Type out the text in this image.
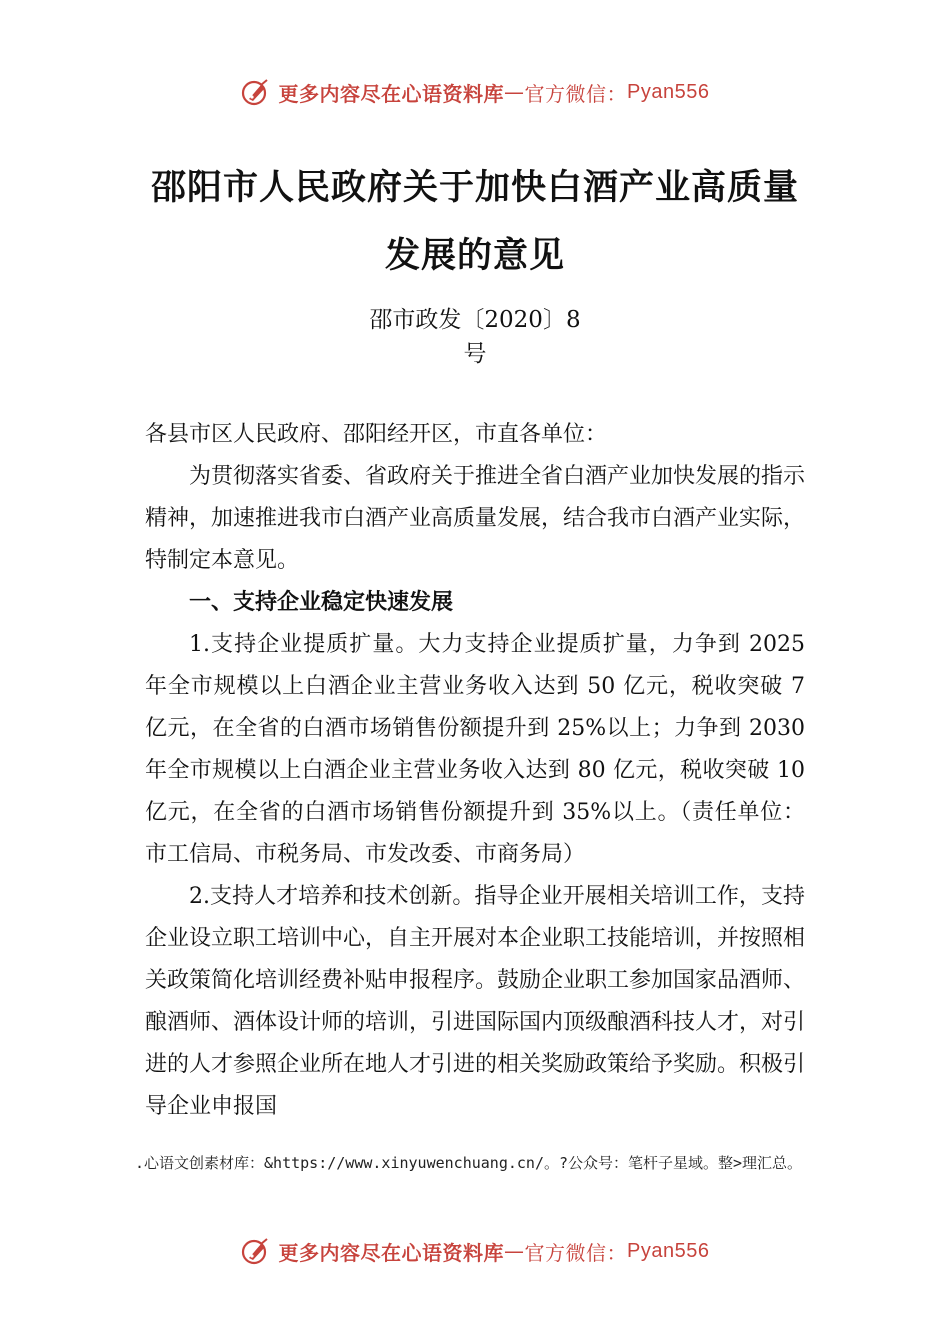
更多内容尽在心语资料库 — 官方微信： Pyan556
邵阳市人民政府关于加快白酒产业高质量
发展的意见
邵市政发〔2020〕8
号

各县市区人民政府、邵阳经开区，市直各单位：

为贯彻落实省委、省政府关于推进全省白酒产业加快发展的指示精神，加速推进我市白酒产业高质量发展，结合我市白酒产业实际，特制定本意见。

一、支持企业稳定快速发展

1.支持企业提质扩量。大力支持企业提质扩量，力争到 2025 年全市规模以上白酒企业主营业务收入达到 50 亿元，税收突破 7 亿元，在全省的白酒市场销售份额提升到 25%以上；力争到 2030 年全市规模以上白酒企业主营业务收入达到 80 亿元，税收突破 10 亿元，在全省的白酒市场销售份额提升到 35%以上。（责任单位：市工信局、市税务局、市发改委、市商务局）

2.支持人才培养和技术创新。指导企业开展相关培训工作，支持企业设立职工培训中心，自主开展对本企业职工技能培训，并按照相关政策简化培训经费补贴申报程序。鼓励企业职工参加国家品酒师、酿酒师、酒体设计师的培训，引进国际国内顶级酿酒科技人才，对引进的人才参照企业所在地人才引进的相关奖励政策给予奖励。积极引导企业申报国

.心语文创素材库：&https://www.xinyuwenchuang.cn/。?公众号：笔杆子星域。整>理汇总。
更多内容尽在心语资料库 — 官方微信： Pyan556
